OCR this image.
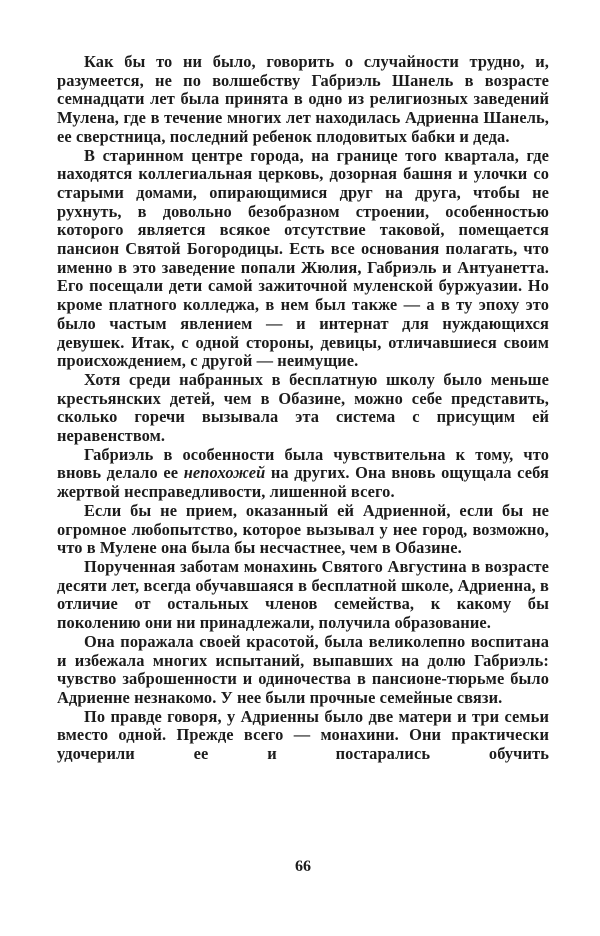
Как бы то ни было, говорить о случайности трудно, и, разумеется, не по волшебству Габриэль Шанель в возрасте семнадцати лет была принята в одно из религиозных заведений Мулена, где в течение многих лет находилась Адриенна Шанель, ее сверстница, последний ребенок плодовитых бабки и деда.

В старинном центре города, на границе того квартала, где находятся коллегиальная церковь, дозорная башня и улочки со старыми домами, опирающимися друг на друга, чтобы не рухнуть, в довольно безобразном строении, особенностью которого является всякое отсутствие таковой, помещается пансион Святой Богородицы. Есть все основания полагать, что именно в это заведение попали Жюлия, Габриэль и Антуанетта. Его посещали дети самой зажиточной муленской буржуазии. Но кроме платного колледжа, в нем был также — а в ту эпоху это было частым явлением — и интернат для нуждающихся девушек. Итак, с одной стороны, девицы, отличавшиеся своим происхождением, с другой — неимущие.

Хотя среди набранных в бесплатную школу было меньше крестьянских детей, чем в Обазине, можно себе представить, сколько горечи вызывала эта система с присущим ей неравенством.

Габриэль в особенности была чувствительна к тому, что вновь делало ее непохожей на других. Она вновь ощущала себя жертвой несправедливости, лишенной всего.

Если бы не прием, оказанный ей Адриенной, если бы не огромное любопытство, которое вызывал у нее город, возможно, что в Мулене она была бы несчастнее, чем в Обазине.

Порученная заботам монахинь Святого Августина в возрасте десяти лет, всегда обучавшаяся в бесплатной школе, Адриенна, в отличие от остальных членов семейства, к какому бы поколению они ни принадлежали, получила образование.

Она поражала своей красотой, была великолепно воспитана и избежала многих испытаний, выпавших на долю Габриэль: чувство заброшенности и одиночества в пансионе-тюрьме было Адриенне незнакомо. У нее были прочные семейные связи.

По правде говоря, у Адриенны было две матери и три семьи вместо одной. Прежде всего — монахини. Они практически удочерили ее и постарались обучить

66
